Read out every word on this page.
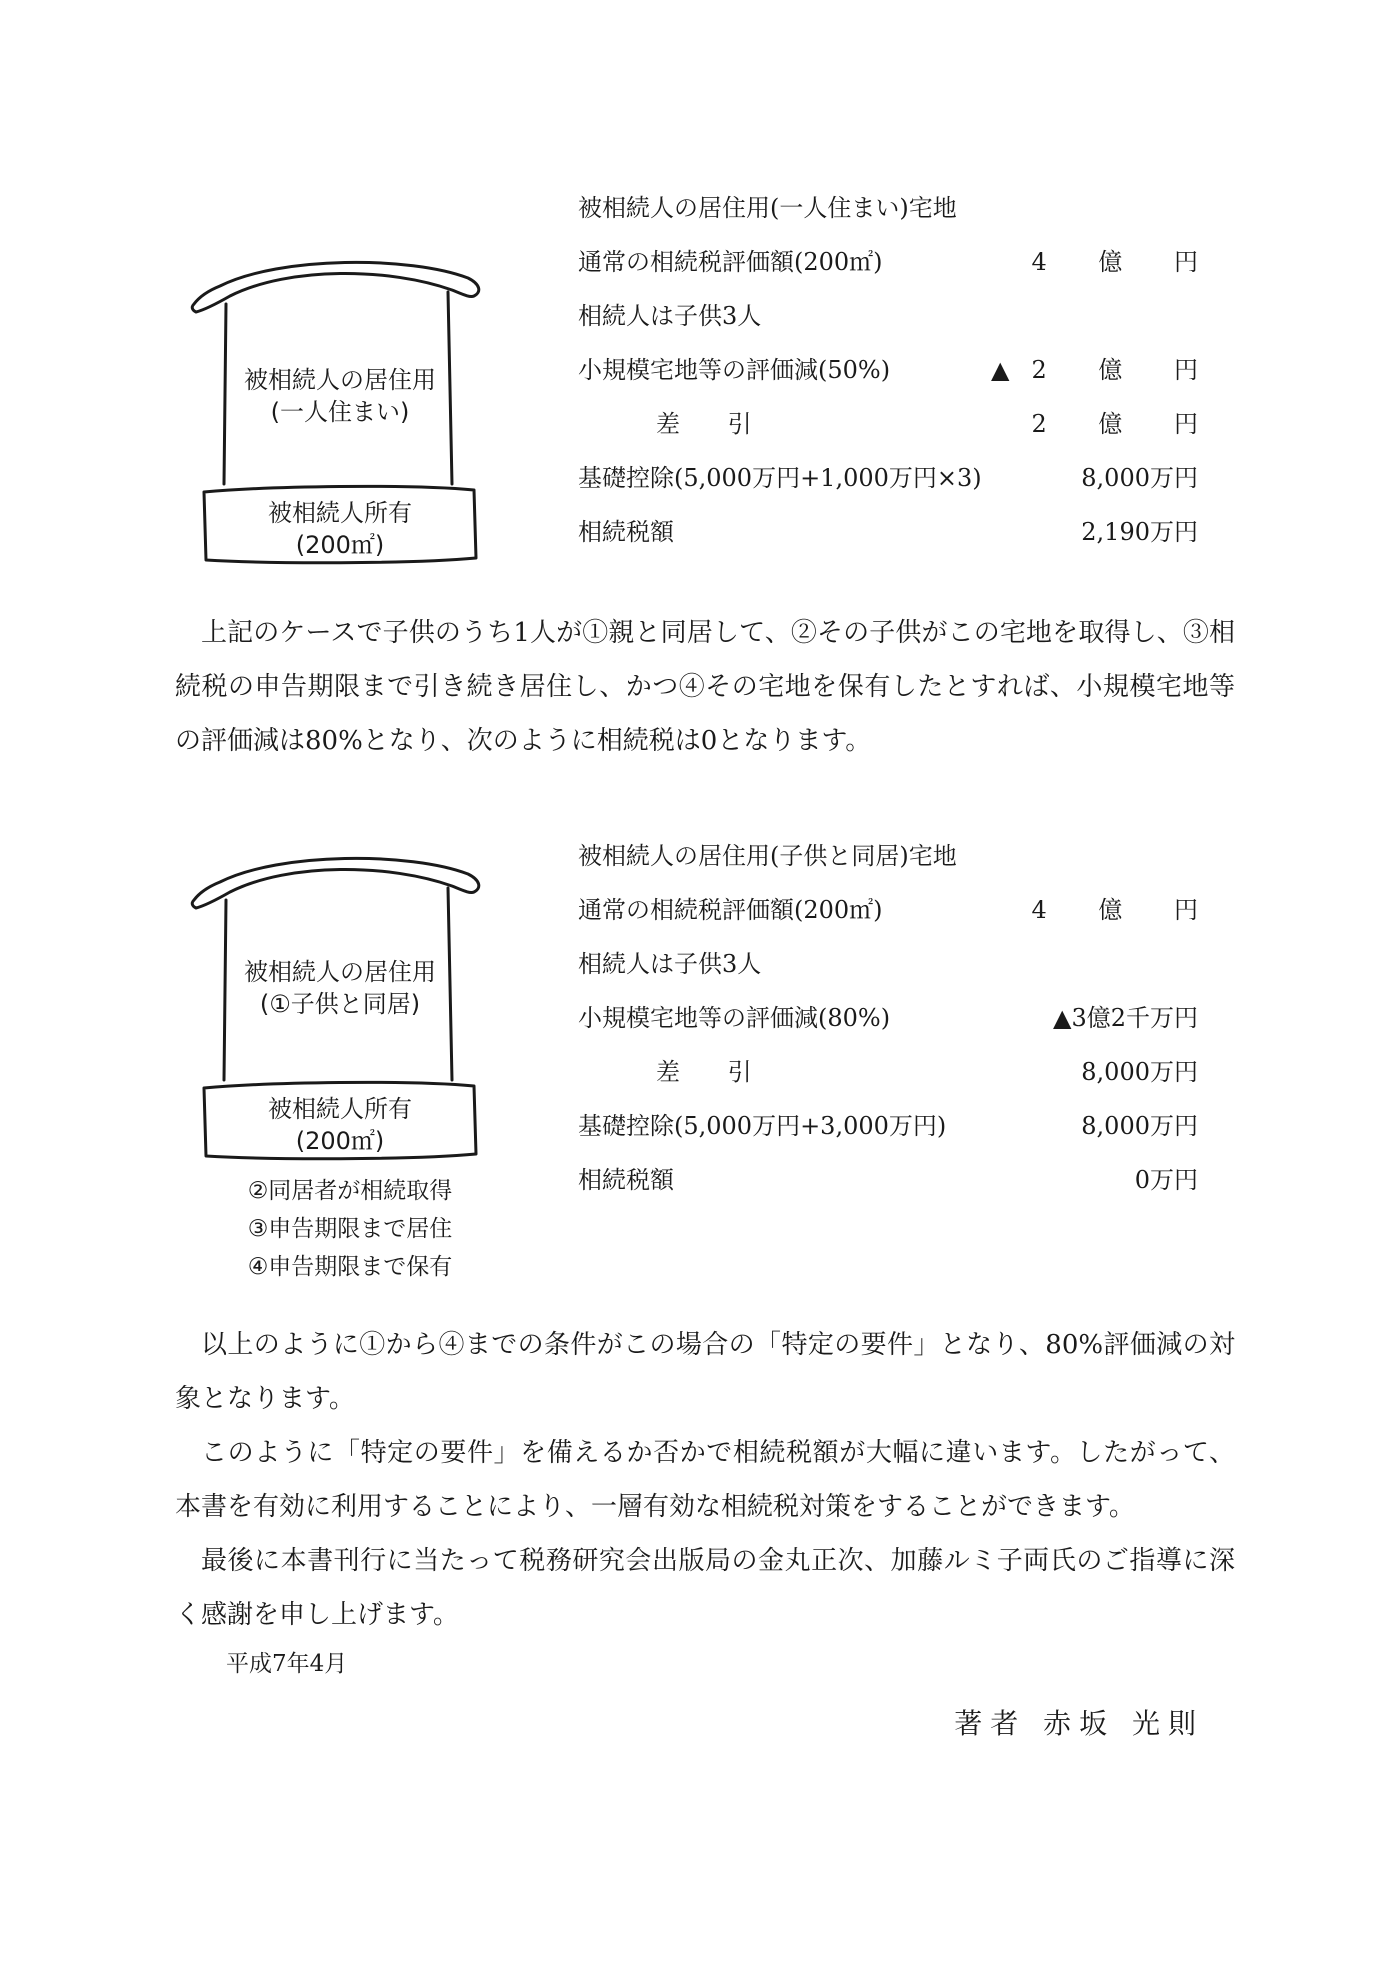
被相続人の居住用
(一人住まい)
被相続人所有
(200㎡)
被相続人の居住用(一人住まい)宅地
通常の相続税評価額(200㎡)	4 億 円
相続人は子供3人
小規模宅地等の評価減(50%)	▲2 億 円
差 引	2 億 円
基礎控除(5,000万円+1,000万円×3)	8,000万円
相続税額	2,190万円

上記のケースで子供のうち1人が①親と同居して、②その子供がこの宅地を取得し、③相続税の申告期限まで引き続き居住し、かつ④その宅地を保有したとすれば、小規模宅地等の評価減は80%となり、次のように相続税は0となります。

被相続人の居住用
(①子供と同居)
被相続人所有
(200㎡)
②同居者が相続取得
③申告期限まで居住
④申告期限まで保有
被相続人の居住用(子供と同居)宅地
通常の相続税評価額(200㎡)	4 億 円
相続人は子供3人
小規模宅地等の評価減(80%)	▲3億2千万円
差 引	8,000万円
基礎控除(5,000万円+3,000万円)	8,000万円
相続税額	0万円

以上のように①から④までの条件がこの場合の「特定の要件」となり、80%評価減の対象となります。

このように「特定の要件」を備えるか否かで相続税額が大幅に違います。したがって、本書を有効に利用することにより、一層有効な相続税対策をすることができます。

最後に本書刊行に当たって税務研究会出版局の金丸正次、加藤ルミ子両氏のご指導に深く感謝を申し上げます。

平成7年4月
著者 赤坂 光則
